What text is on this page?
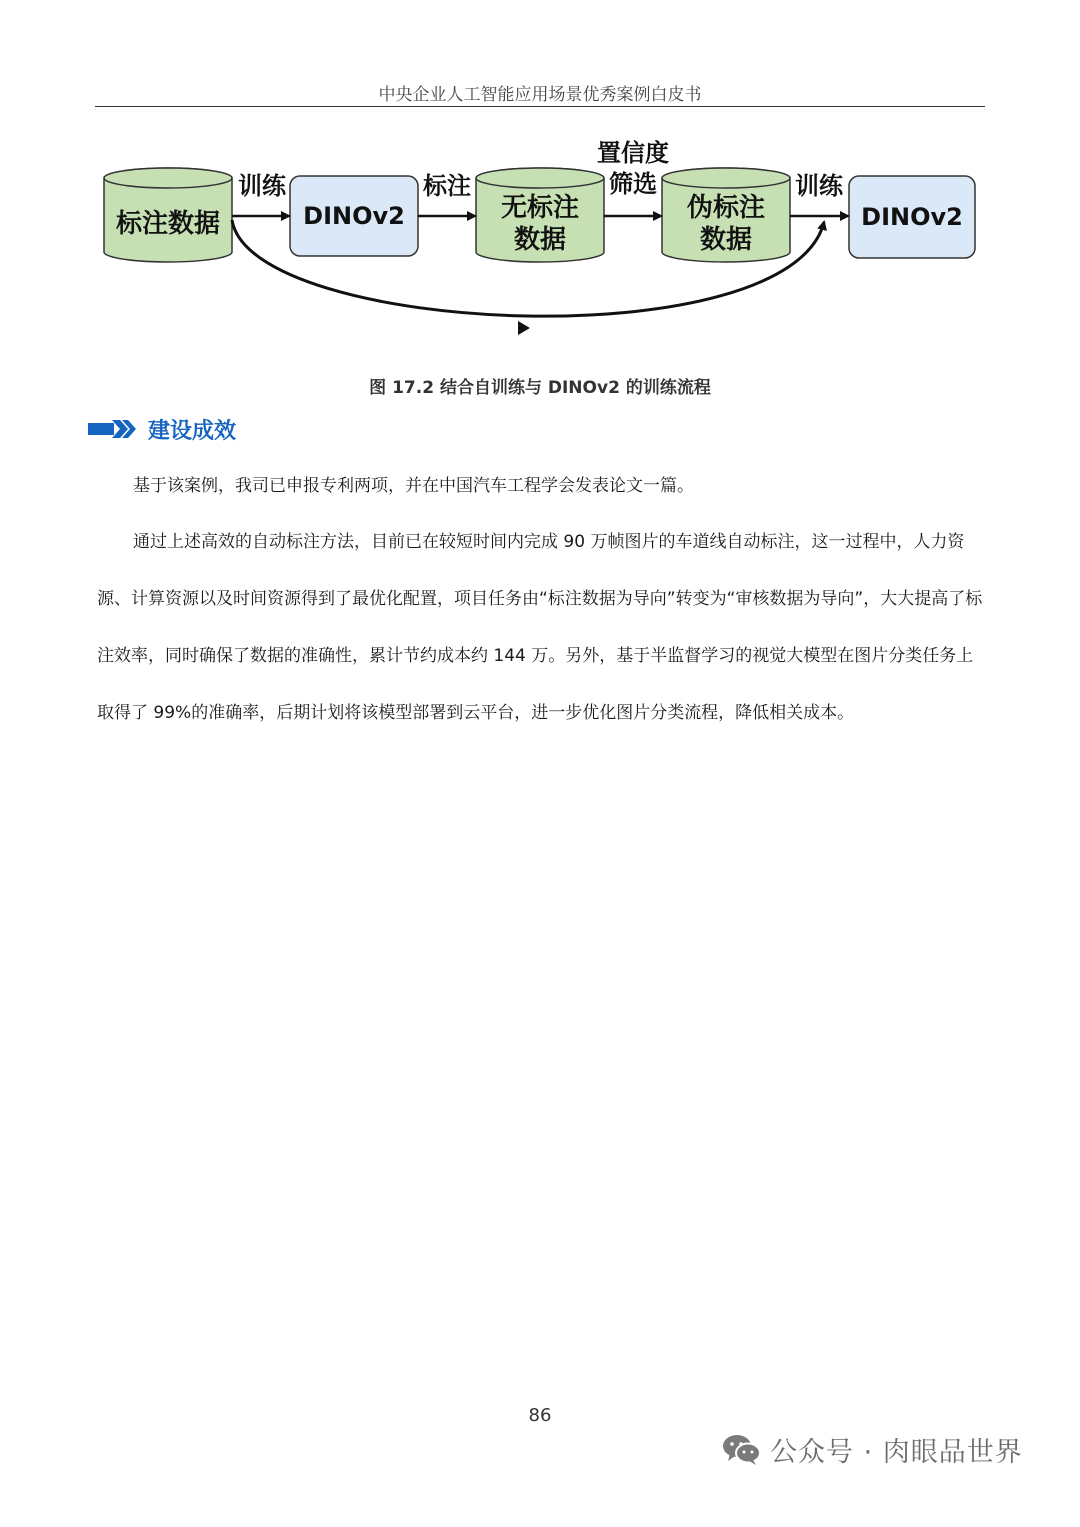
中央企业人工智能应用场景优秀案例白皮书
标注数据	DINOv2	无标注
数据
伪标注
数据
DINOv2
训练	标注
置信度
筛选	训练
图 17.2 结合自训练与 DINOv2 的训练流程
建设成效

基于该案例，我司已申报专利两项，并在中国汽车工程学会发表论文一篇。

通过上述高效的自动标注方法，目前已在较短时间内完成 90 万帧图片的车道线自动标注，这一过程中，人力资源、计算资源以及时间资源得到了最优化配置，项目任务由“标注数据为导向”转变为“审核数据为导向”，大大提高了标注效率，同时确保了数据的准确性，累计节约成本约 144 万。另外，基于半监督学习的视觉大模型在图片分类任务上取得了 99%的准确率，后期计划将该模型部署到云平台，进一步优化图片分类流程，降低相关成本。

86
公众号 · 肉眼品世界
